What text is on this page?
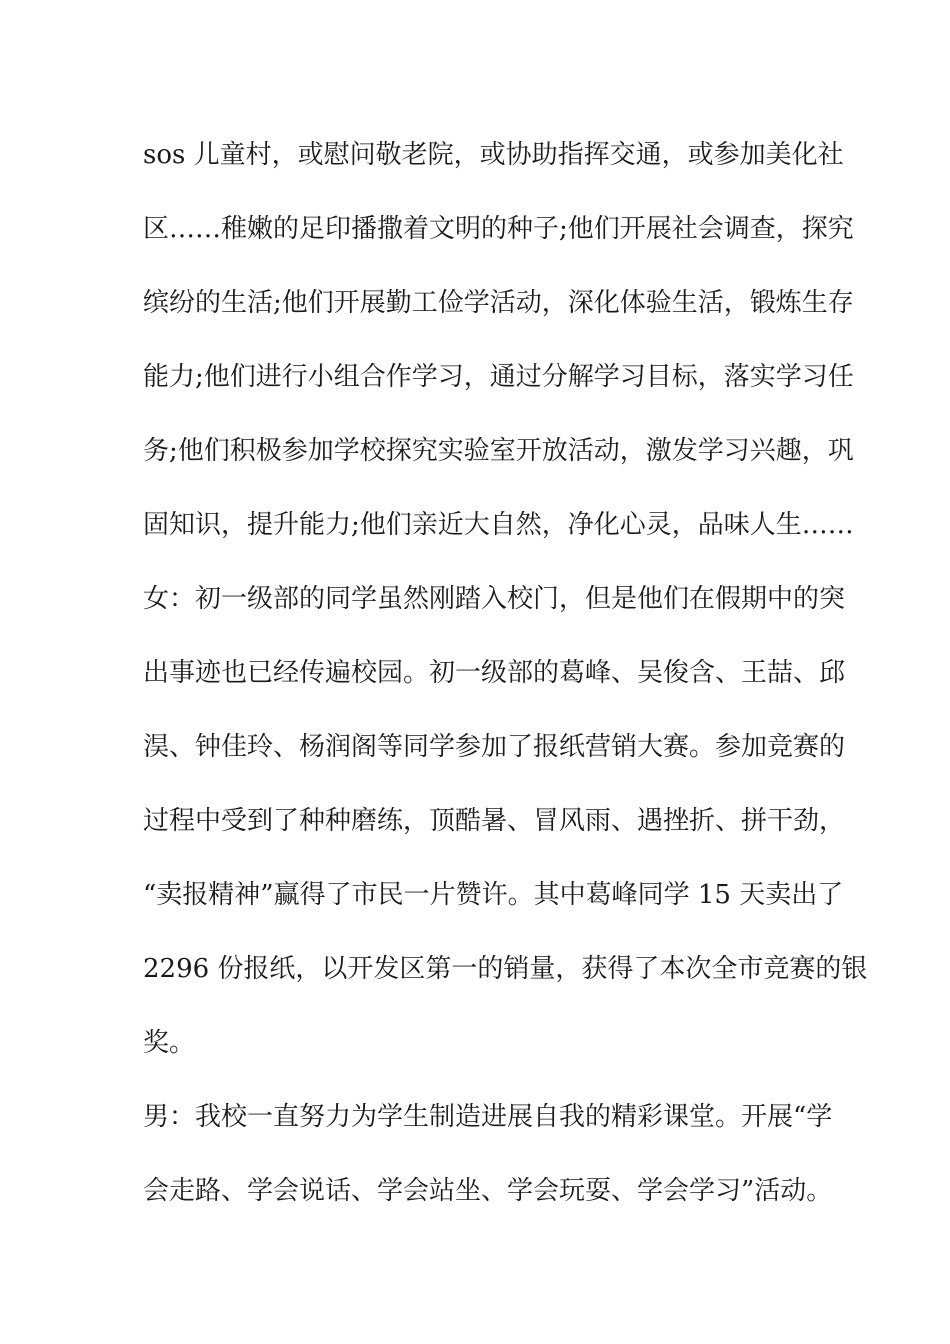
sos 儿童村，或慰问敬老院，或协助指挥交通，或参加美化社
区……稚嫩的足印播撒着文明的种子;他们开展社会调查，探究
缤纷的生活;他们开展勤工俭学活动，深化体验生活，锻炼生存
能力;他们进行小组合作学习，通过分解学习目标，落实学习任
务;他们积极参加学校探究实验室开放活动，激发学习兴趣，巩
固知识，提升能力;他们亲近大自然，净化心灵，品味人生……
女：初一级部的同学虽然刚踏入校门，但是他们在假期中的突
出事迹也已经传遍校园。初一级部的葛峰、吴俊含、王喆、邱
淏、钟佳玲、杨润阁等同学参加了报纸营销大赛。参加竞赛的
过程中受到了种种磨练，顶酷暑、冒风雨、遇挫折、拼干劲，
“卖报精神”赢得了市民一片赞许。其中葛峰同学 15 天卖出了
2296 份报纸，以开发区第一的销量，获得了本次全市竞赛的银
奖。
男：我校一直努力为学生制造进展自我的精彩课堂。开展“学
会走路、学会说话、学会站坐、学会玩耍、学会学习”活动。
